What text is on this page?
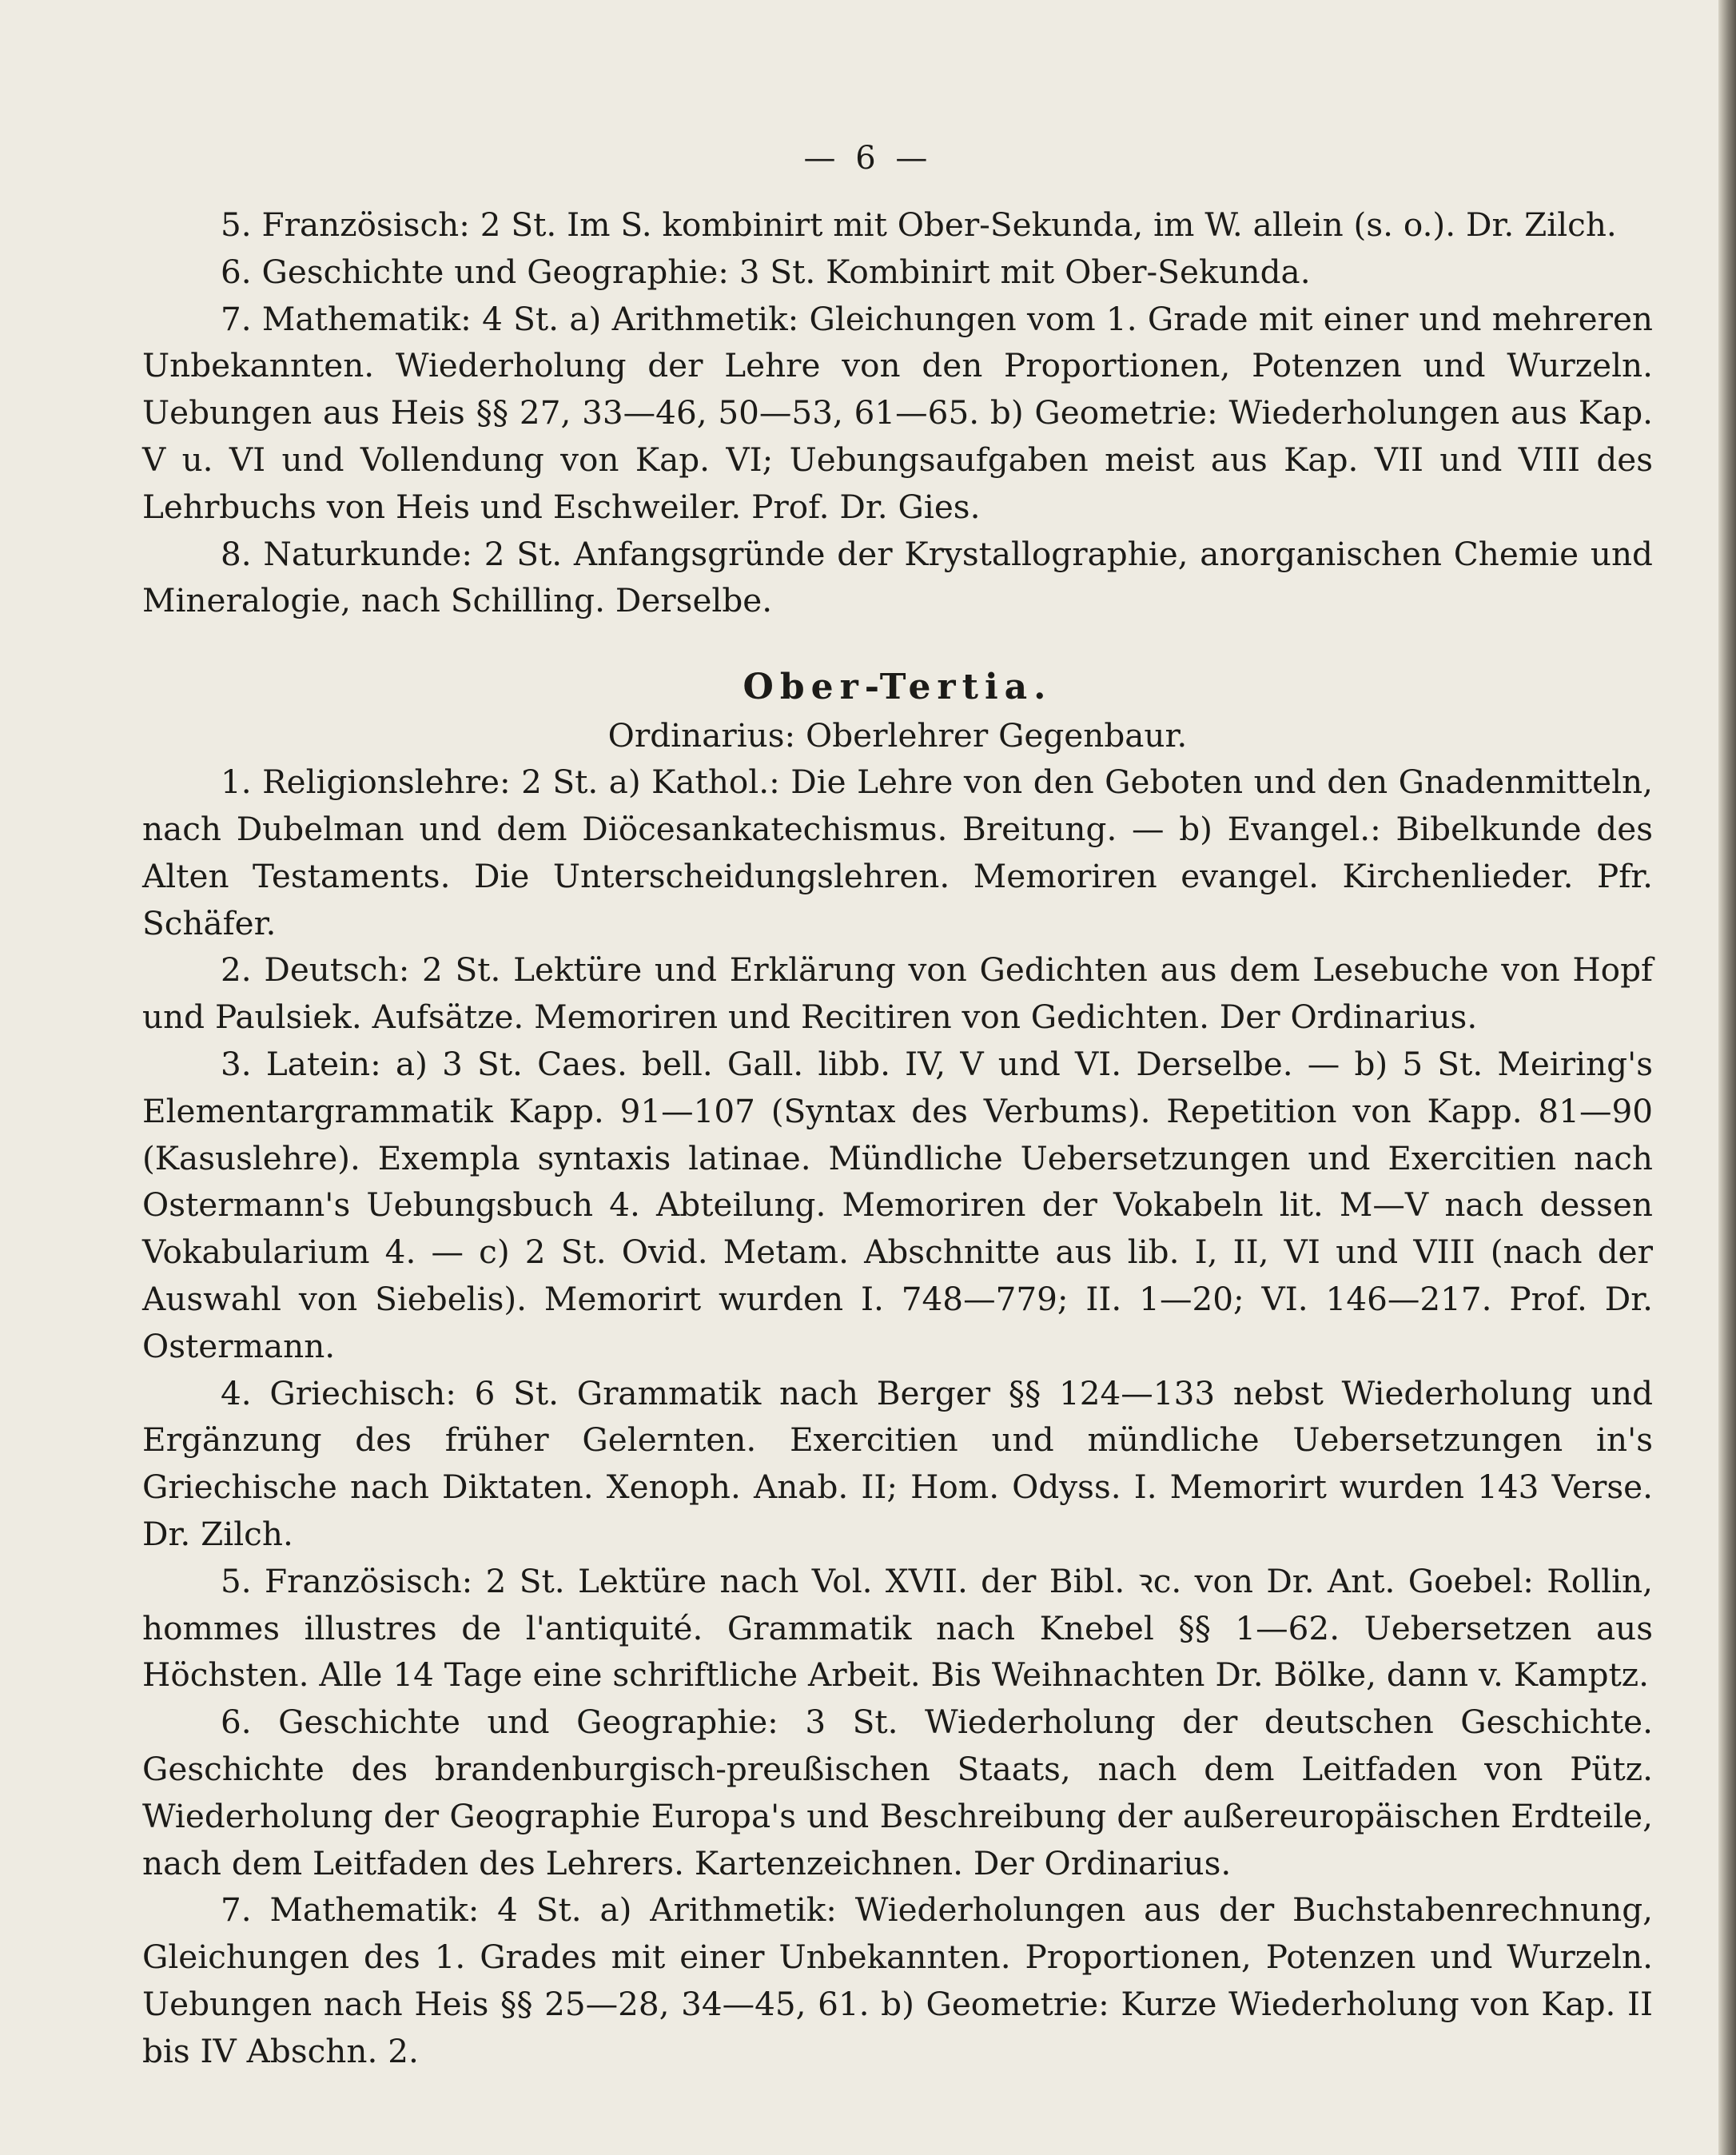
— 6 —

5. Französisch: 2 St. Im S. kombinirt mit Ober-Sekunda, im W. allein (s. o.). Dr. Zilch.

6. Geschichte und Geographie: 3 St. Kombinirt mit Ober-Sekunda.

7. Mathematik: 4 St. a) Arithmetik: Gleichungen vom 1. Grade mit einer und mehreren Unbekannten. Wiederholung der Lehre von den Proportionen, Potenzen und Wurzeln. Uebungen aus Heis §§ 27, 33—46, 50—53, 61—65. b) Geometrie: Wiederholungen aus Kap. V u. VI und Vollendung von Kap. VI; Uebungsaufgaben meist aus Kap. VII und VIII des Lehrbuchs von Heis und Eschweiler. Prof. Dr. Gies.

8. Naturkunde: 2 St. Anfangsgründe der Krystallographie, anorganischen Chemie und Mineralogie, nach Schilling. Derselbe.

Ober-Tertia.

Ordinarius: Oberlehrer Gegenbaur.

1. Religionslehre: 2 St. a) Kathol.: Die Lehre von den Geboten und den Gnadenmitteln, nach Dubelman und dem Diöcesankatechismus. Breitung. — b) Evangel.: Bibelkunde des Alten Testaments. Die Unterscheidungslehren. Memoriren evangel. Kirchenlieder. Pfr. Schäfer.

2. Deutsch: 2 St. Lektüre und Erklärung von Gedichten aus dem Lesebuche von Hopf und Paulsiek. Aufsätze. Memoriren und Recitiren von Gedichten. Der Ordinarius.

3. Latein: a) 3 St. Caes. bell. Gall. libb. IV, V und VI. Derselbe. — b) 5 St. Meiring's Elementargrammatik Kapp. 91—107 (Syntax des Verbums). Repetition von Kapp. 81—90 (Kasuslehre). Exempla syntaxis latinae. Mündliche Uebersetzungen und Exercitien nach Ostermann's Uebungsbuch 4. Abteilung. Memoriren der Vokabeln lit. M—V nach dessen Vokabularium 4. — c) 2 St. Ovid. Metam. Abschnitte aus lib. I, II, VI und VIII (nach der Auswahl von Siebelis). Memorirt wurden I. 748—779; II. 1—20; VI. 146—217. Prof. Dr. Ostermann.

4. Griechisch: 6 St. Grammatik nach Berger §§ 124—133 nebst Wiederholung und Ergänzung des früher Gelernten. Exercitien und mündliche Uebersetzungen in's Griechische nach Diktaten. Xenoph. Anab. II; Hom. Odyss. I. Memorirt wurden 143 Verse. Dr. Zilch.

5. Französisch: 2 St. Lektüre nach Vol. XVII. der Bibl. ꝛc. von Dr. Ant. Goebel: Rollin, hommes illustres de l'antiquité. Grammatik nach Knebel §§ 1—62. Uebersetzen aus Höchsten. Alle 14 Tage eine schriftliche Arbeit. Bis Weihnachten Dr. Bölke, dann v. Kamptz.

6. Geschichte und Geographie: 3 St. Wiederholung der deutschen Geschichte. Geschichte des brandenburgisch-preußischen Staats, nach dem Leitfaden von Pütz. Wiederholung der Geographie Europa's und Beschreibung der außereuropäischen Erdteile, nach dem Leitfaden des Lehrers. Kartenzeichnen. Der Ordinarius.

7. Mathematik: 4 St. a) Arithmetik: Wiederholungen aus der Buchstabenrechnung, Gleichungen des 1. Grades mit einer Unbekannten. Proportionen, Potenzen und Wurzeln. Uebungen nach Heis §§ 25—28, 34—45, 61. b) Geometrie: Kurze Wiederholung von Kap. II bis IV Abschn. 2.
